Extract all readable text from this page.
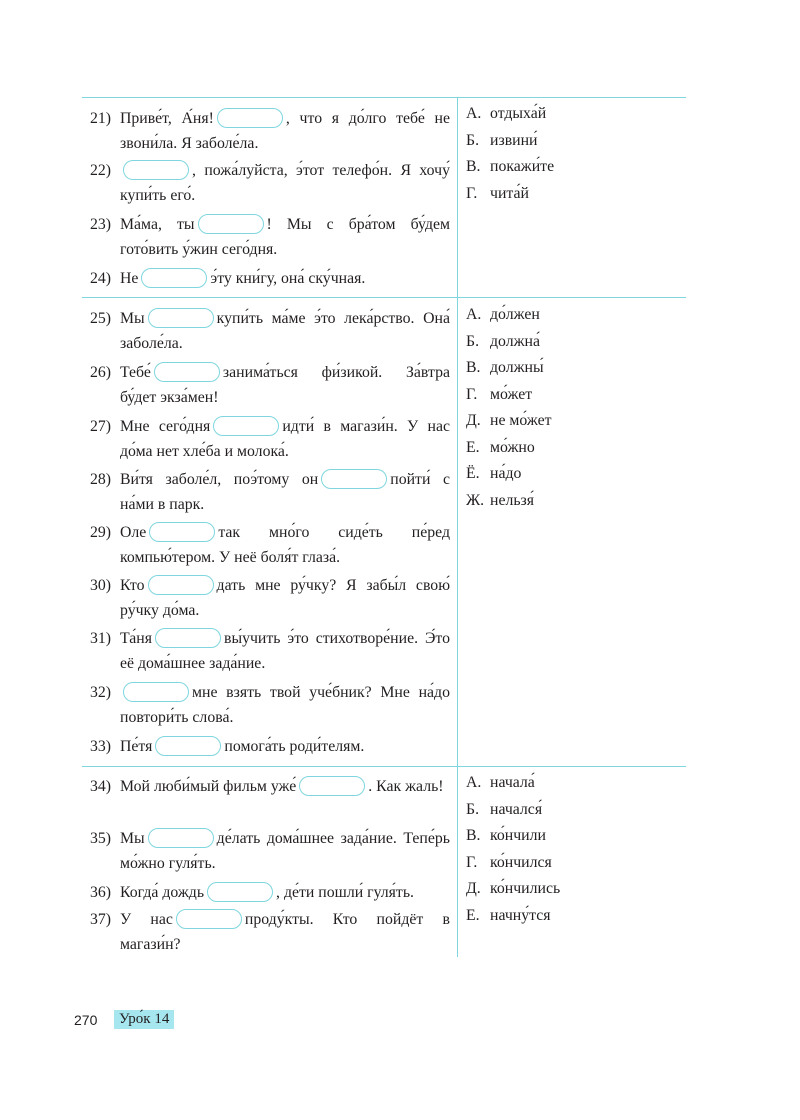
21) Приве́т, А́ня!	, что я до́лго тебе́ не звони́ла. Я заболе́ла.
22)	, пожа́луйста, э́тот телефо́н. Я хочу́ купи́ть его́.
23) Ма́ма, ты	! Мы с бра́том бу́дем гото́вить у́жин сего́дня.
24) Не	э́ту кни́гу, она́ ску́чная.
А. отдыха́й
Б. извини́
В. покажи́те
Г. чита́й
25) Мы	купи́ть ма́ме э́то лека́рство. Она́ заболе́ла.
26) Тебе́	занима́ться фи́зикой. За́втра бу́дет экза́мен!
27) Мне сего́дня	идти́ в магази́н. У нас до́ма нет хле́ба и молока́.
28) Ви́тя заболе́л, поэ́тому он	пойти́ с на́ми в парк.
29) Оле	так мно́го сиде́ть пе́ред компью́тером. У неё боля́т глаза́.
30) Кто	дать мне ру́чку? Я забы́л свою́ ру́чку до́ма.
31) Та́ня	вы́учить э́то стихотворе́ние. Э́то её дома́шнее зада́ние.
32)	мне взять твой уче́бник? Мне на́до повтори́ть слова́.
33) Пе́тя	помога́ть роди́телям.
А. до́лжен
Б. должна́
В. должны́
Г. мо́жет
Д. не мо́жет
Е. мо́жно
Ё. на́до
Ж. нельзя́
34) Мой люби́мый фильм уже́	. Как жаль!
35) Мы	де́лать дома́шнее зада́ние. Тепе́рь мо́жно гуля́ть.
36) Когда́ дождь	, де́ти пошли́ гуля́ть.
37) У нас	проду́кты. Кто пойдёт в магази́н?
А. начала́
Б. начался́
В. ко́нчили
Г. ко́нчился
Д. ко́нчились
Е. начну́тся
270	Уро́к 14
